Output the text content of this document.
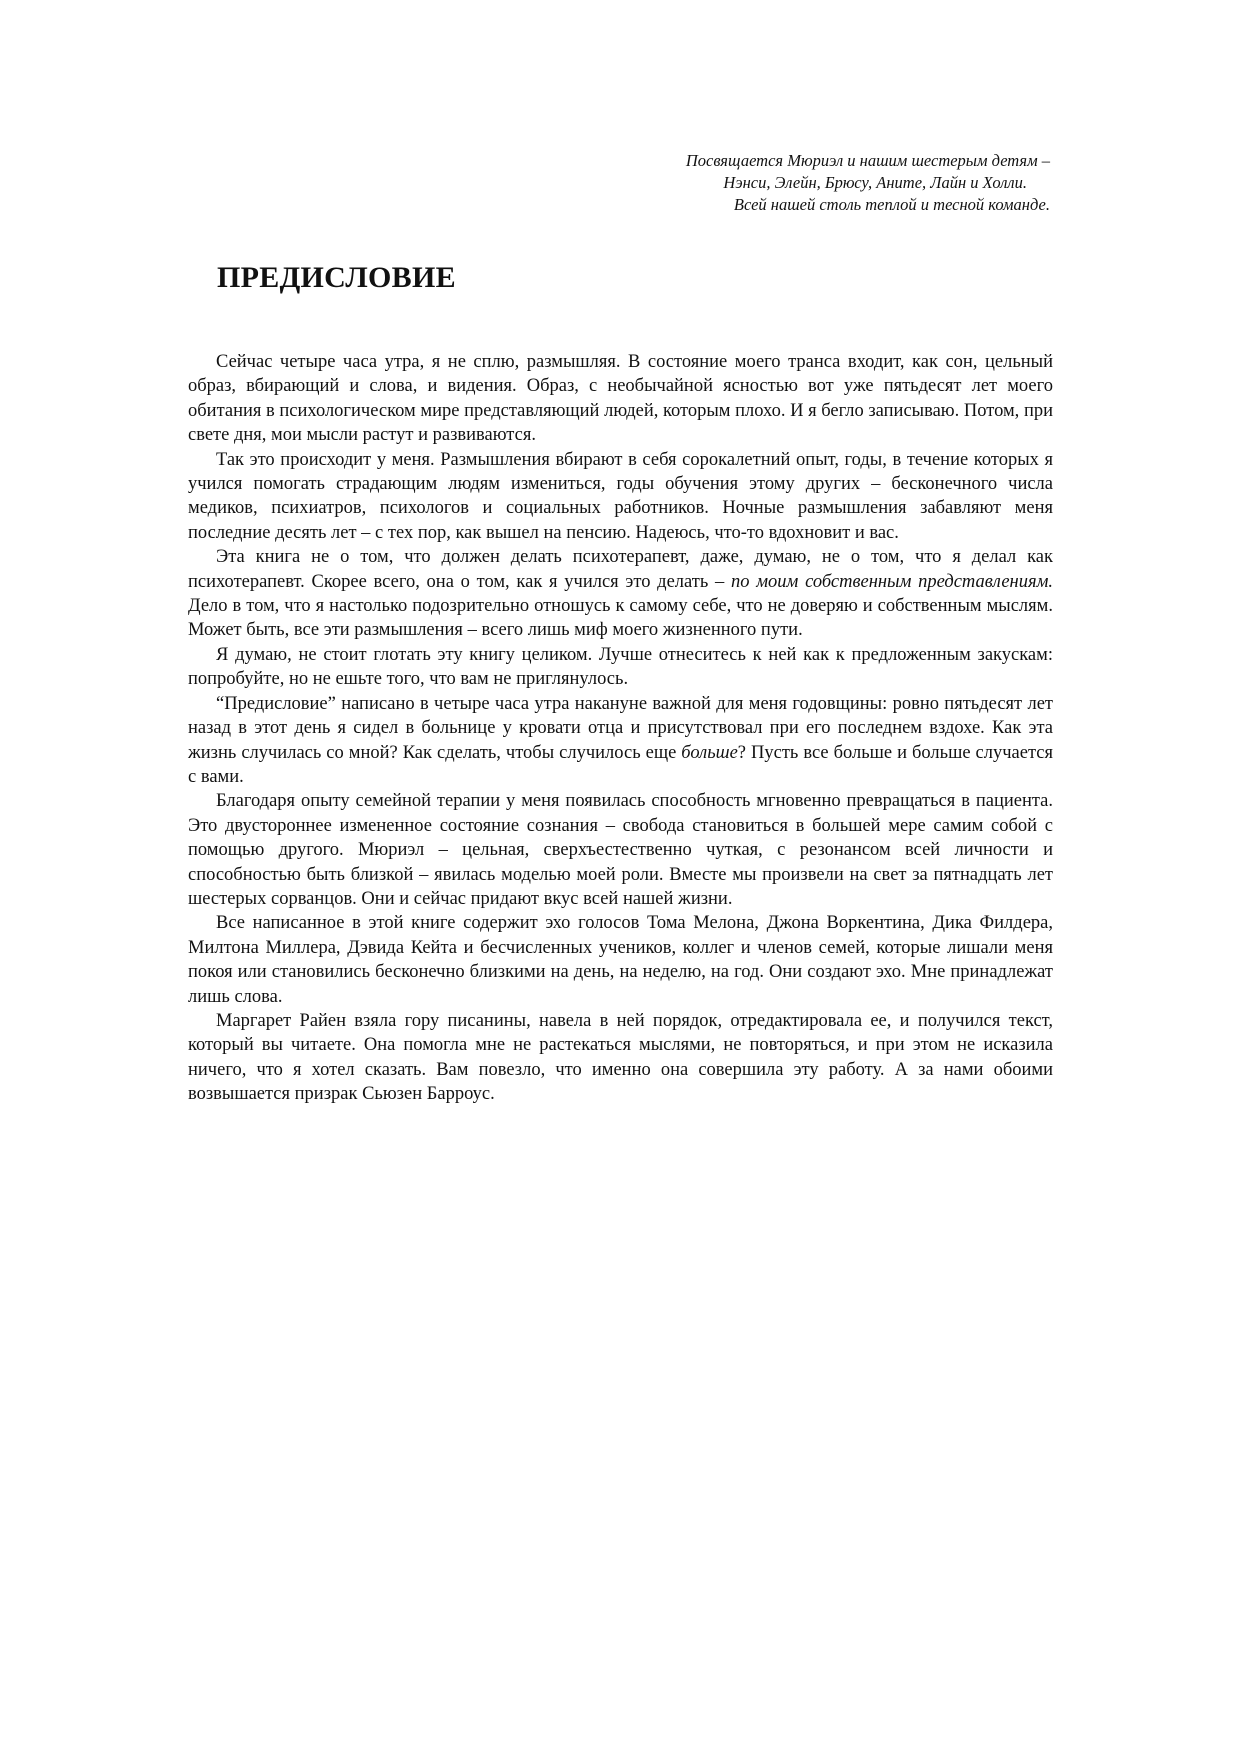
Посвящается Мюриэл и нашим шестерым детям –
Нэнси, Элейн, Брюсу, Аните, Лайн и Холли.
Всей нашей столь теплой и тесной команде.
ПРЕДИСЛОВИЕ

Сейчас четыре часа утра, я не сплю, размышляя. В состояние моего транса входит, как сон, цельный образ, вбирающий и слова, и видения. Образ, с необычайной ясностью вот уже пятьдесят лет моего обитания в психологическом мире представляющий людей, которым плохо. И я бегло записываю. Потом, при свете дня, мои мысли растут и развиваются.

Так это происходит у меня. Размышления вбирают в себя сорокалетний опыт, годы, в течение которых я учился помогать страдающим людям измениться, годы обучения этому других – бесконечного числа медиков, психиатров, психологов и социальных работников. Ночные размышления забавляют меня последние десять лет – с тех пор, как вышел на пенсию. Надеюсь, что-то вдохновит и вас.

Эта книга не о том, что должен делать психотерапевт, даже, думаю, не о том, что я делал как психотерапевт. Скорее всего, она о том, как я учился это делать – по моим собственным представлениям. Дело в том, что я настолько подозрительно отношусь к самому себе, что не доверяю и собственным мыслям. Может быть, все эти размышления – всего лишь миф моего жизненного пути.

Я думаю, не стоит глотать эту книгу целиком. Лучше отнеситесь к ней как к предложенным закускам: попробуйте, но не ешьте того, что вам не приглянулось.

“Предисловие” написано в четыре часа утра накануне важной для меня годовщины: ровно пятьдесят лет назад в этот день я сидел в больнице у кровати отца и присутствовал при его последнем вздохе. Как эта жизнь случилась со мной? Как сделать, чтобы случилось еще больше? Пусть все больше и больше случается с вами.

Благодаря опыту семейной терапии у меня появилась способность мгновенно превращаться в пациента. Это двустороннее измененное состояние сознания – свобода становиться в большей мере самим собой с помощью другого. Мюриэл – цельная, сверхъестественно чуткая, с резонансом всей личности и способностью быть близкой – явилась моделью моей роли. Вместе мы произвели на свет за пятнадцать лет шестерых сорванцов. Они и сейчас придают вкус всей нашей жизни.

Все написанное в этой книге содержит эхо голосов Тома Мелона, Джона Воркентина, Дика Филдера, Милтона Миллера, Дэвида Кейта и бесчисленных учеников, коллег и членов семей, которые лишали меня покоя или становились бесконечно близкими на день, на неделю, на год. Они создают эхо. Мне принадлежат лишь слова.

Маргарет Райен взяла гору писанины, навела в ней порядок, отредактировала ее, и получился текст, который вы читаете. Она помогла мне не растекаться мыслями, не повторяться, и при этом не исказила ничего, что я хотел сказать. Вам повезло, что именно она совершила эту работу. А за нами обоими возвышается призрак Сьюзен Барроус.
